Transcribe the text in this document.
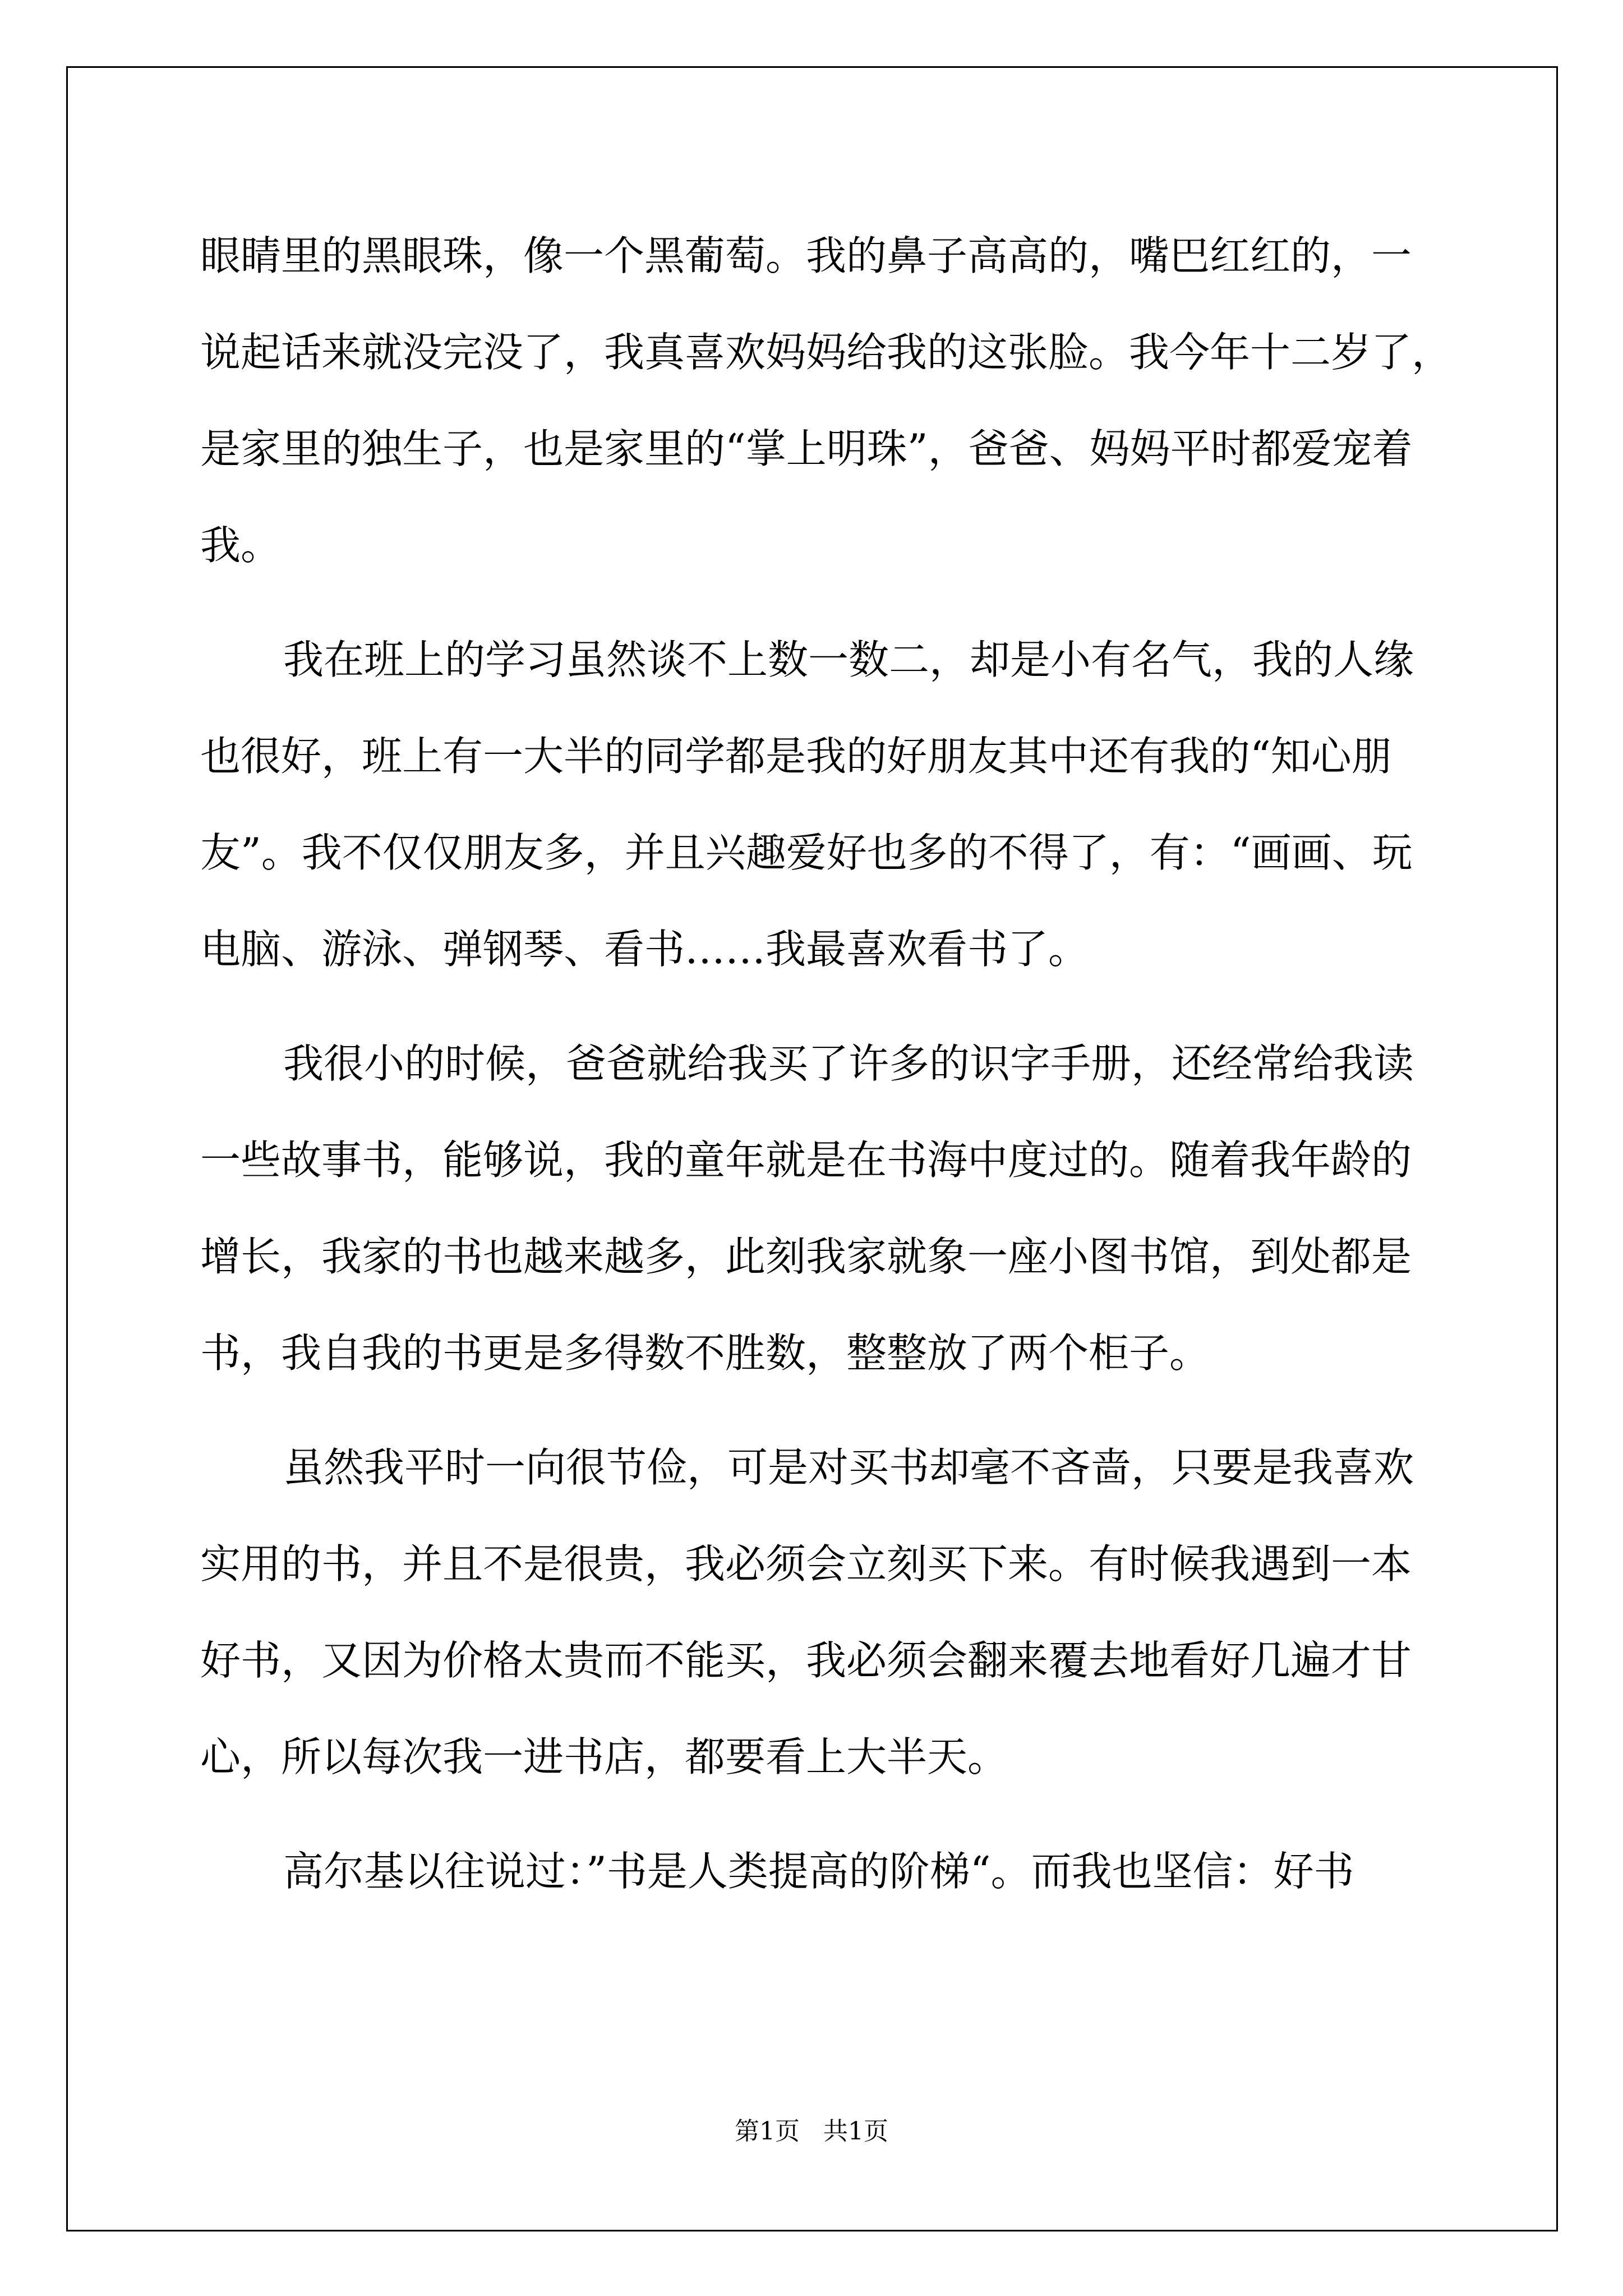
眼睛里的黑眼珠，像一个黑葡萄。我的鼻子高高的，嘴巴红红的，一
说起话来就没完没了，我真喜欢妈妈给我的这张脸。我今年十二岁了，
是家里的独生子，也是家里的“掌上明珠”，爸爸、妈妈平时都爱宠着
我。
我在班上的学习虽然谈不上数一数二，却是小有名气，我的人缘
也很好，班上有一大半的同学都是我的好朋友其中还有我的“知心朋
友”。我不仅仅朋友多，并且兴趣爱好也多的不得了，有：“画画、玩
电脑、游泳、弹钢琴、看书……我最喜欢看书了。
我很小的时候，爸爸就给我买了许多的识字手册，还经常给我读
一些故事书，能够说，我的童年就是在书海中度过的。随着我年龄的
增长，我家的书也越来越多，此刻我家就象一座小图书馆，到处都是
书，我自我的书更是多得数不胜数，整整放了两个柜子。
虽然我平时一向很节俭，可是对买书却毫不吝啬，只要是我喜欢
实用的书，并且不是很贵，我必须会立刻买下来。有时候我遇到一本
好书，又因为价格太贵而不能买，我必须会翻来覆去地看好几遍才甘
心，所以每次我一进书店，都要看上大半天。
高尔基以往说过：”书是人类提高的阶梯“。而我也坚信：好书
第1页   共1页
